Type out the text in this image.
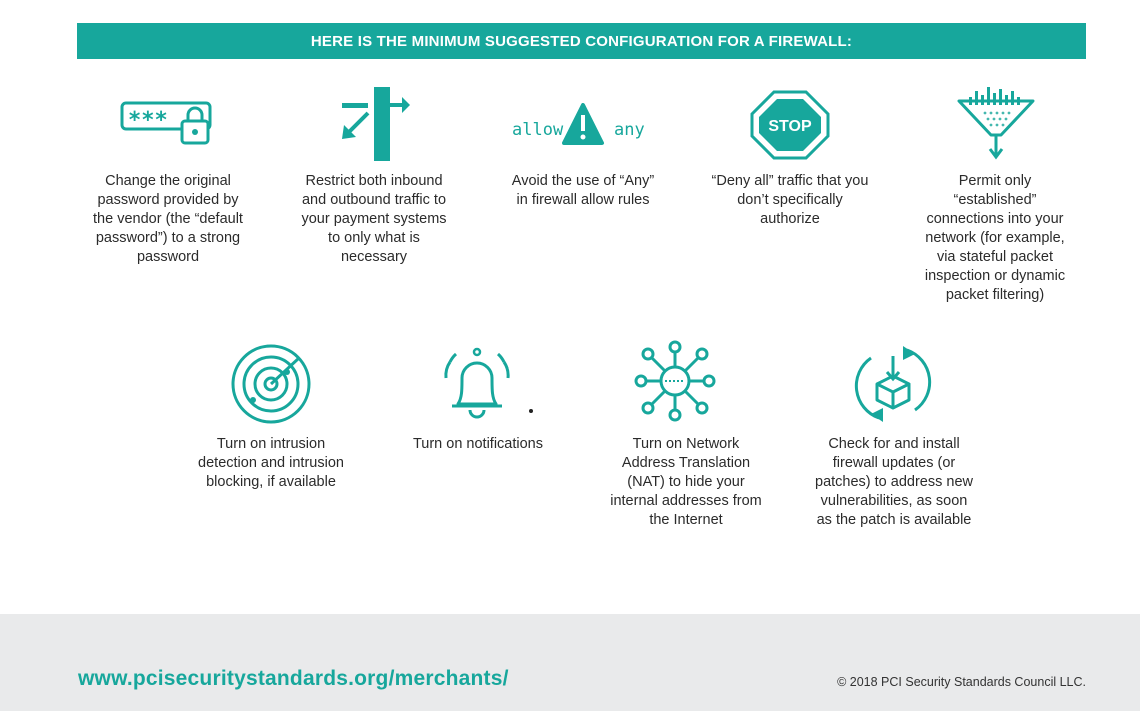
HERE IS THE MINIMUM SUGGESTED CONFIGURATION FOR A FIREWALL:
***
Change the original
password provided by
the vendor (the “default
password”) to a strong
password
Restrict both inbound
and outbound traffic to
your payment systems
to only what is
necessary
allow	any
Avoid the use of “Any”
in firewall allow rules
STOP
“Deny all” traffic that you
don’t specifically
authorize
Permit only
“established”
connections into your
network (for example,
via stateful packet
inspection or dynamic
packet filtering)
Turn on intrusion
detection and intrusion
blocking, if available
Turn on notifications	Turn on Network
Address Translation
(NAT) to hide your
internal addresses from
the Internet
Check for and install
firewall updates (or
patches) to address new
vulnerabilities, as soon
as the patch is available
www.pcisecuritystandards.org/merchants/	© 2018 PCI Security Standards Council LLC.
